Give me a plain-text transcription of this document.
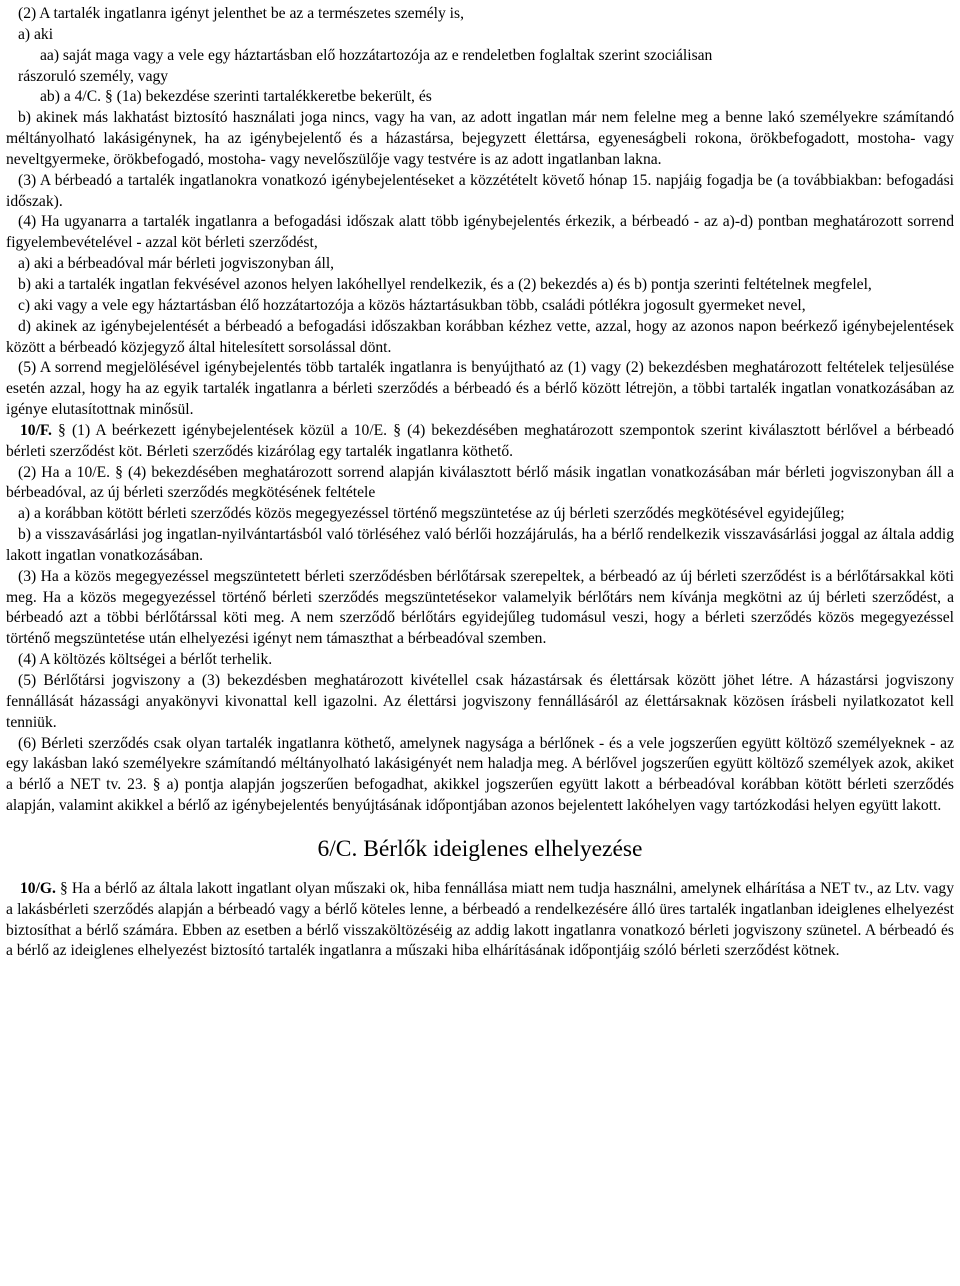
(2) A tartalék ingatlanra igényt jelenthet be az a természetes személy is,

a) aki

aa) saját maga vagy a vele egy háztartásban elő hozzátartozója az e rendeletben foglaltak szerint szociálisan

rászoruló személy, vagy

ab) a 4/C. § (1a) bekezdése szerinti tartalékkeretbe bekerült, és

b) akinek más lakhatást biztosító használati joga nincs, vagy ha van, az adott ingatlan már nem felelne meg a benne lakó személyekre számítandó méltányolható lakásigénynek, ha az igénybejelentő és a házastársa, bejegyzett élettársa, egyeneságbeli rokona, örökbefogadott, mostoha- vagy neveltgyermeke, örökbefogadó, mostoha- vagy nevelőszülője vagy testvére is az adott ingatlanban lakna.

(3) A bérbeadó a tartalék ingatlanokra vonatkozó igénybejelentéseket a közzétételt követő hónap 15. napjáig fogadja be (a továbbiakban: befogadási időszak).

(4) Ha ugyanarra a tartalék ingatlanra a befogadási időszak alatt több igénybejelentés érkezik, a bérbeadó - az a)-d) pontban meghatározott sorrend figyelembevételével - azzal köt bérleti szerződést,

a) aki a bérbeadóval már bérleti jogviszonyban áll,

b) aki a tartalék ingatlan fekvésével azonos helyen lakóhellyel rendelkezik, és a (2) bekezdés a) és b) pontja szerinti feltételnek megfelel,

c) aki vagy a vele egy háztartásban élő hozzátartozója a közös háztartásukban több, családi pótlékra jogosult gyermeket nevel,

d) akinek az igénybejelentését a bérbeadó a befogadási időszakban korábban kézhez vette, azzal, hogy az azonos napon beérkező igénybejelentések között a bérbeadó közjegyző által hitelesített sorsolással dönt.

(5) A sorrend megjelölésével igénybejelentés több tartalék ingatlanra is benyújtható az (1) vagy (2) bekezdésben meghatározott feltételek teljesülése esetén azzal, hogy ha az egyik tartalék ingatlanra a bérleti szerződés a bérbeadó és a bérlő között létrejön, a többi tartalék ingatlan vonatkozásában az igénye elutasítottnak minősül.

10/F. § (1) A beérkezett igénybejelentések közül a 10/E. § (4) bekezdésében meghatározott szempontok szerint kiválasztott bérlővel a bérbeadó bérleti szerződést köt. Bérleti szerződés kizárólag egy tartalék ingatlanra köthető.

(2) Ha a 10/E. § (4) bekezdésében meghatározott sorrend alapján kiválasztott bérlő másik ingatlan vonatkozásában már bérleti jogviszonyban áll a bérbeadóval, az új bérleti szerződés megkötésének feltétele

a) a korábban kötött bérleti szerződés közös megegyezéssel történő megszüntetése az új bérleti szerződés megkötésével egyidejűleg;

b) a visszavásárlási jog ingatlan-nyilvántartásból való törléséhez való bérlői hozzájárulás, ha a bérlő rendelkezik visszavásárlási joggal az általa addig lakott ingatlan vonatkozásában.

(3) Ha a közös megegyezéssel megszüntetett bérleti szerződésben bérlőtársak szerepeltek, a bérbeadó az új bérleti szerződést is a bérlőtársakkal köti meg. Ha a közös megegyezéssel történő bérleti szerződés megszüntetésekor valamelyik bérlőtárs nem kívánja megkötni az új bérleti szerződést, a bérbeadó azt a többi bérlőtárssal köti meg. A nem szerződő bérlőtárs egyidejűleg tudomásul veszi, hogy a bérleti szerződés közös megegyezéssel történő megszüntetése után elhelyezési igényt nem támaszthat a bérbeadóval szemben.

(4) A költözés költségei a bérlőt terhelik.

(5) Bérlőtársi jogviszony a (3) bekezdésben meghatározott kivétellel csak házastársak és élettársak között jöhet létre. A házastársi jogviszony fennállását házassági anyakönyvi kivonattal kell igazolni. Az élettársi jogviszony fennállásáról az élettársaknak közösen írásbeli nyilatkozatot kell tenniük.

(6) Bérleti szerződés csak olyan tartalék ingatlanra köthető, amelynek nagysága a bérlőnek - és a vele jogszerűen együtt költöző személyeknek - az egy lakásban lakó személyekre számítandó méltányolható lakásigényét nem haladja meg. A bérlővel jogszerűen együtt költöző személyek azok, akiket a bérlő a NET tv. 23. § a) pontja alapján jogszerűen befogadhat, akikkel jogszerűen együtt lakott a bérbeadóval korábban kötött bérleti szerződés alapján, valamint akikkel a bérlő az igénybejelentés benyújtásának időpontjában azonos bejelentett lakóhelyen vagy tartózkodási helyen együtt lakott.

6/C. Bérlők ideiglenes elhelyezése

10/G. § Ha a bérlő az általa lakott ingatlant olyan műszaki ok, hiba fennállása miatt nem tudja használni, amelynek elhárítása a NET tv., az Ltv. vagy a lakásbérleti szerződés alapján a bérbeadó vagy a bérlő köteles lenne, a bérbeadó a rendelkezésére álló üres tartalék ingatlanban ideiglenes elhelyezést biztosíthat a bérlő számára. Ebben az esetben a bérlő visszaköltözéséig az addig lakott ingatlanra vonatkozó bérleti jogviszony szünetel. A bérbeadó és a bérlő az ideiglenes elhelyezést biztosító tartalék ingatlanra a műszaki hiba elhárításának időpontjáig szóló bérleti szerződést kötnek.
